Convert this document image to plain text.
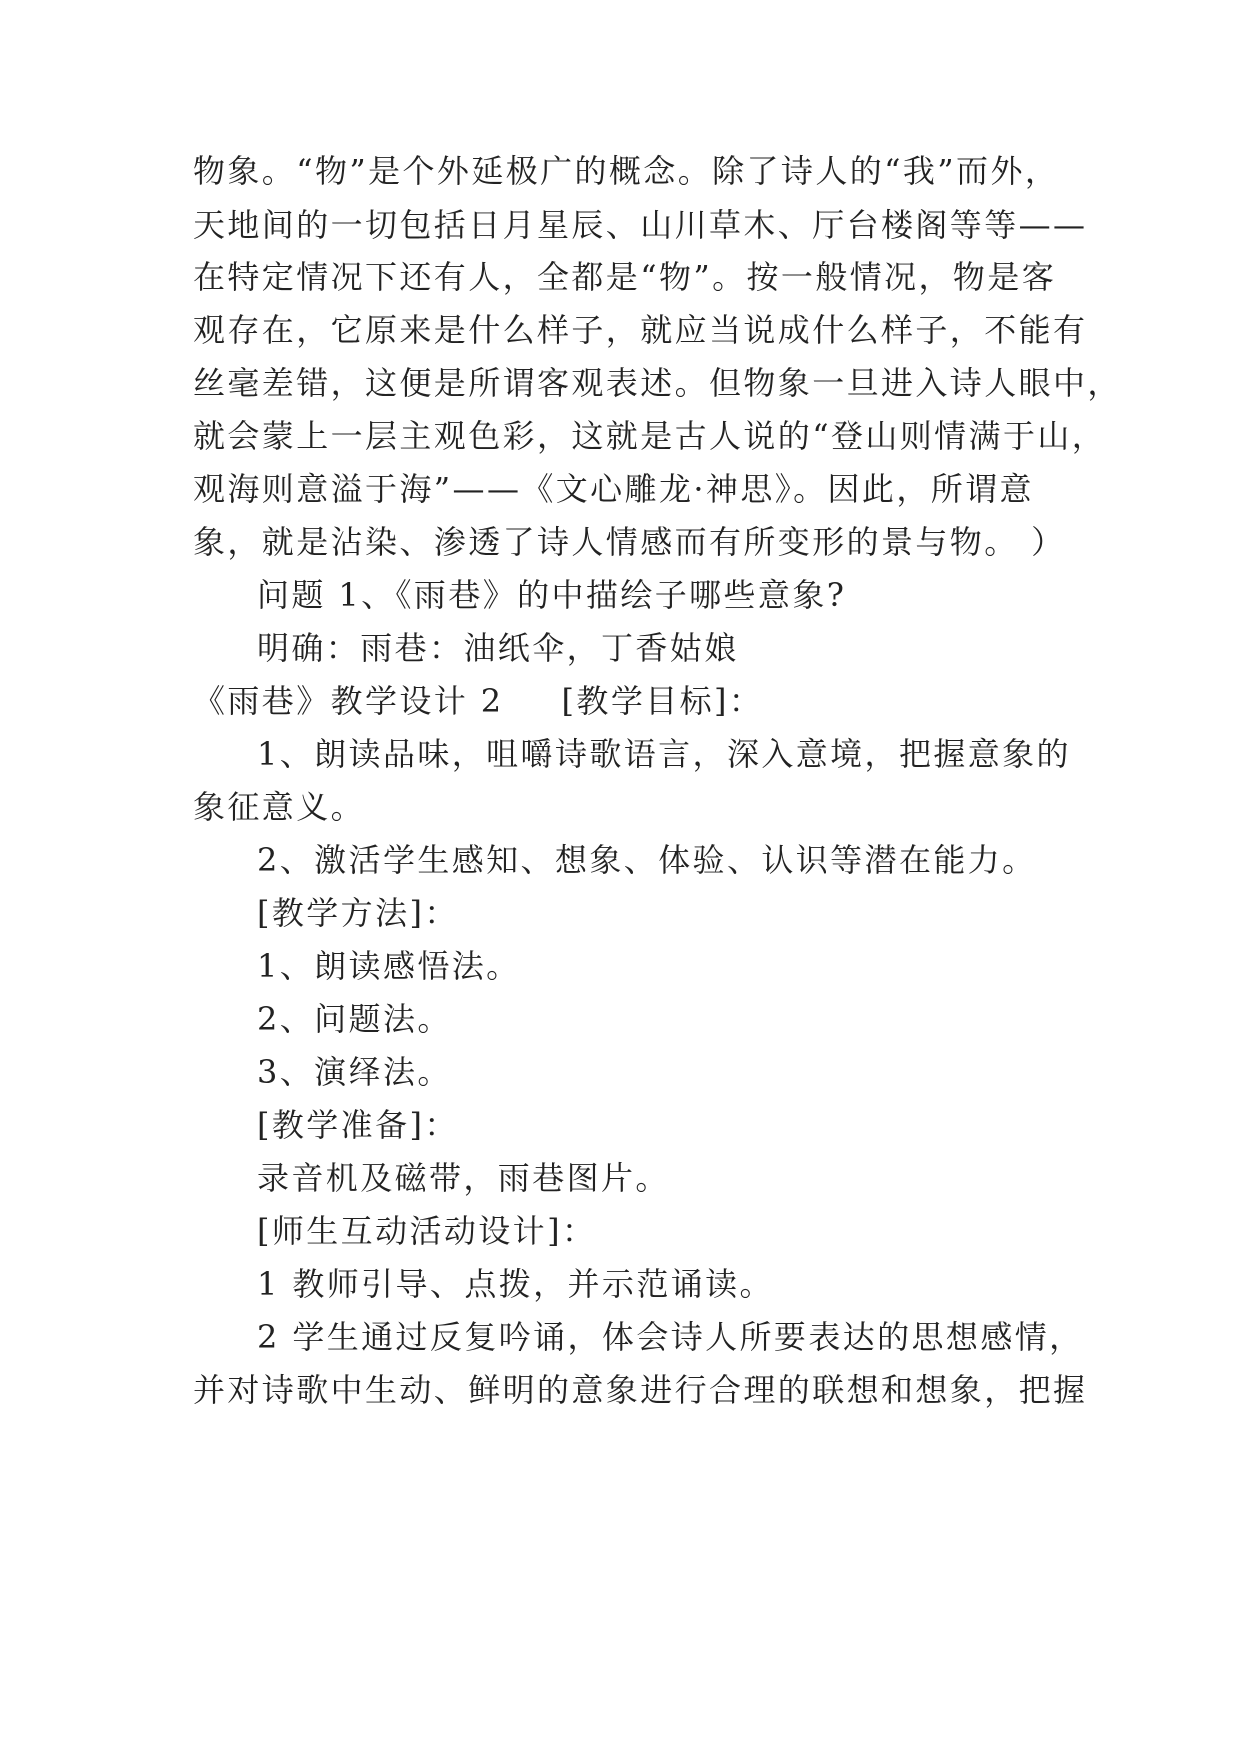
物象。“物”是个外延极广的概念。除了诗人的“我”而外，
天地间的一切包括日月星辰、山川草木、厅台楼阁等等——
在特定情况下还有人，全都是“物”。按一般情况，物是客
观存在，它原来是什么样子，就应当说成什么样子，不能有
丝毫差错，这便是所谓客观表述。但物象一旦进入诗人眼中，
就会蒙上一层主观色彩，这就是古人说的“登山则情满于山，
观海则意溢于海”——《文心雕龙·神思》。因此，所谓意
象，就是沾染、渗透了诗人情感而有所变形的景与物。 ）
问题 1、《雨巷》的中描绘子哪些意象?
明确：雨巷：油纸伞，丁香姑娘
《雨巷》教学设计 2 [教学目标]：
1、朗读品味，咀嚼诗歌语言，深入意境，把握意象的
象征意义。
2、激活学生感知、想象、体验、认识等潜在能力。
[教学方法]：
1、朗读感悟法。
2、问题法。
3、演绎法。
[教学准备]：
录音机及磁带，雨巷图片。
[师生互动活动设计]：
1 教师引导、点拨，并示范诵读。
2 学生通过反复吟诵，体会诗人所要表达的思想感情，
并对诗歌中生动、鲜明的意象进行合理的联想和想象，把握
